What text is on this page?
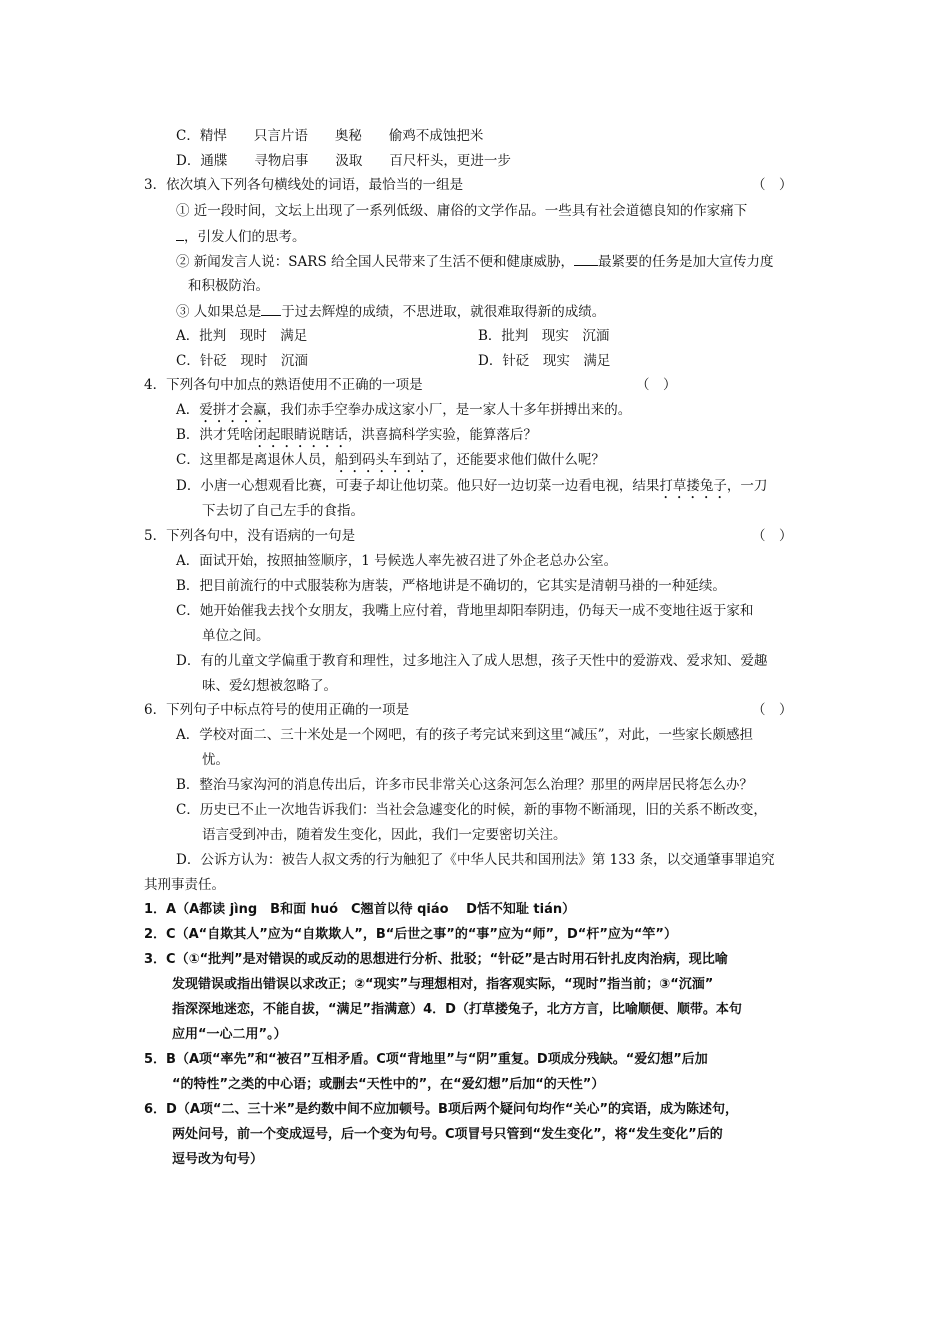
C．精悍　　只言片语　　奥秘　　偷鸡不成蚀把米
D．通牒　　寻物启事　　汲取　　百尺杆头，更进一步
3．依次填入下列各句横线处的词语，最恰当的一组是	（　）
① 近一段时间，文坛上出现了一系列低级、庸俗的文学作品。一些具有社会道德良知的作家痛下
，引发人们的思考。
② 新闻发言人说：SARS 给全国人民带来了生活不便和健康威胁， 最紧要的任务是加大宣传力度
和积极防治。
③ 人如果总是 于过去辉煌的成绩，不思进取，就很难取得新的成绩。
A．批判　现时　满足	B．批判　现实　沉湎
C．针砭　现时　沉湎	D．针砭　现实　满足
4．下列各句中加点的熟语使用不正确的一项是	（　）
A．爱拼才会赢，我们赤手空拳办成这家小厂，是一家人十多年拼搏出来的。
B．洪才凭啥闭起眼睛说瞎话，洪喜搞科学实验，能算落后？
C．这里都是离退休人员，船到码头车到站了，还能要求他们做什么呢？
D．小唐一心想观看比赛，可妻子却让他切菜。他只好一边切菜一边看电视，结果打草搂兔子，一刀
下去切了自己左手的食指。
5．下列各句中，没有语病的一句是	（　）
A．面试开始，按照抽签顺序，1 号候选人率先被召进了外企老总办公室。
B．把目前流行的中式服装称为唐装，严格地讲是不确切的，它其实是清朝马褂的一种延续。
C．她开始催我去找个女朋友，我嘴上应付着，背地里却阳奉阴违，仍每天一成不变地往返于家和
单位之间。
D．有的儿童文学偏重于教育和理性，过多地注入了成人思想，孩子天性中的爱游戏、爱求知、爱趣
味、爱幻想被忽略了。
6．下列句子中标点符号的使用正确的一项是	（　）
A．学校对面二、三十米处是一个网吧，有的孩子考完试来到这里“减压”，对此，一些家长颇感担
忧。
B．整治马家沟河的消息传出后，许多市民非常关心这条河怎么治理？那里的两岸居民将怎么办？
C．历史已不止一次地告诉我们：当社会急遽变化的时候，新的事物不断涌现，旧的关系不断改变，
语言受到冲击，随着发生变化，因此，我们一定要密切关注。
D．公诉方认为：被告人叔文秀的行为触犯了《中华人民共和国刑法》第 133 条，以交通肇事罪追究
其刑事责任。
1．A（A都读 jìng　B和面 huó　C翘首以待 qiáo　 D恬不知耻 tián）
2．C（A“自欺其人”应为“自欺欺人”，B“后世之事”的“事”应为“师”，D“杆”应为“竿”）
3．C（①“批判”是对错误的或反动的思想进行分析、批驳；“针砭”是古时用石针扎皮肉治病，现比喻
发现错误或指出错误以求改正；②“现实”与理想相对，指客观实际，“现时”指当前；③“沉湎”
指深深地迷恋，不能自拔，“满足”指满意）4．D（打草搂兔子，北方方言，比喻顺便、顺带。本句
应用“一心二用”。）
5．B（A项“率先”和“被召”互相矛盾。C项“背地里”与“阴”重复。D项成分残缺。“爱幻想”后加
“的特性”之类的中心语；或删去“天性中的”，在“爱幻想”后加“的天性”）
6．D（A项“二、三十米”是约数中间不应加顿号。B项后两个疑问句均作“关心”的宾语，成为陈述句，
两处问号，前一个变成逗号，后一个变为句号。C项冒号只管到“发生变化”，将“发生变化”后的
逗号改为句号）
